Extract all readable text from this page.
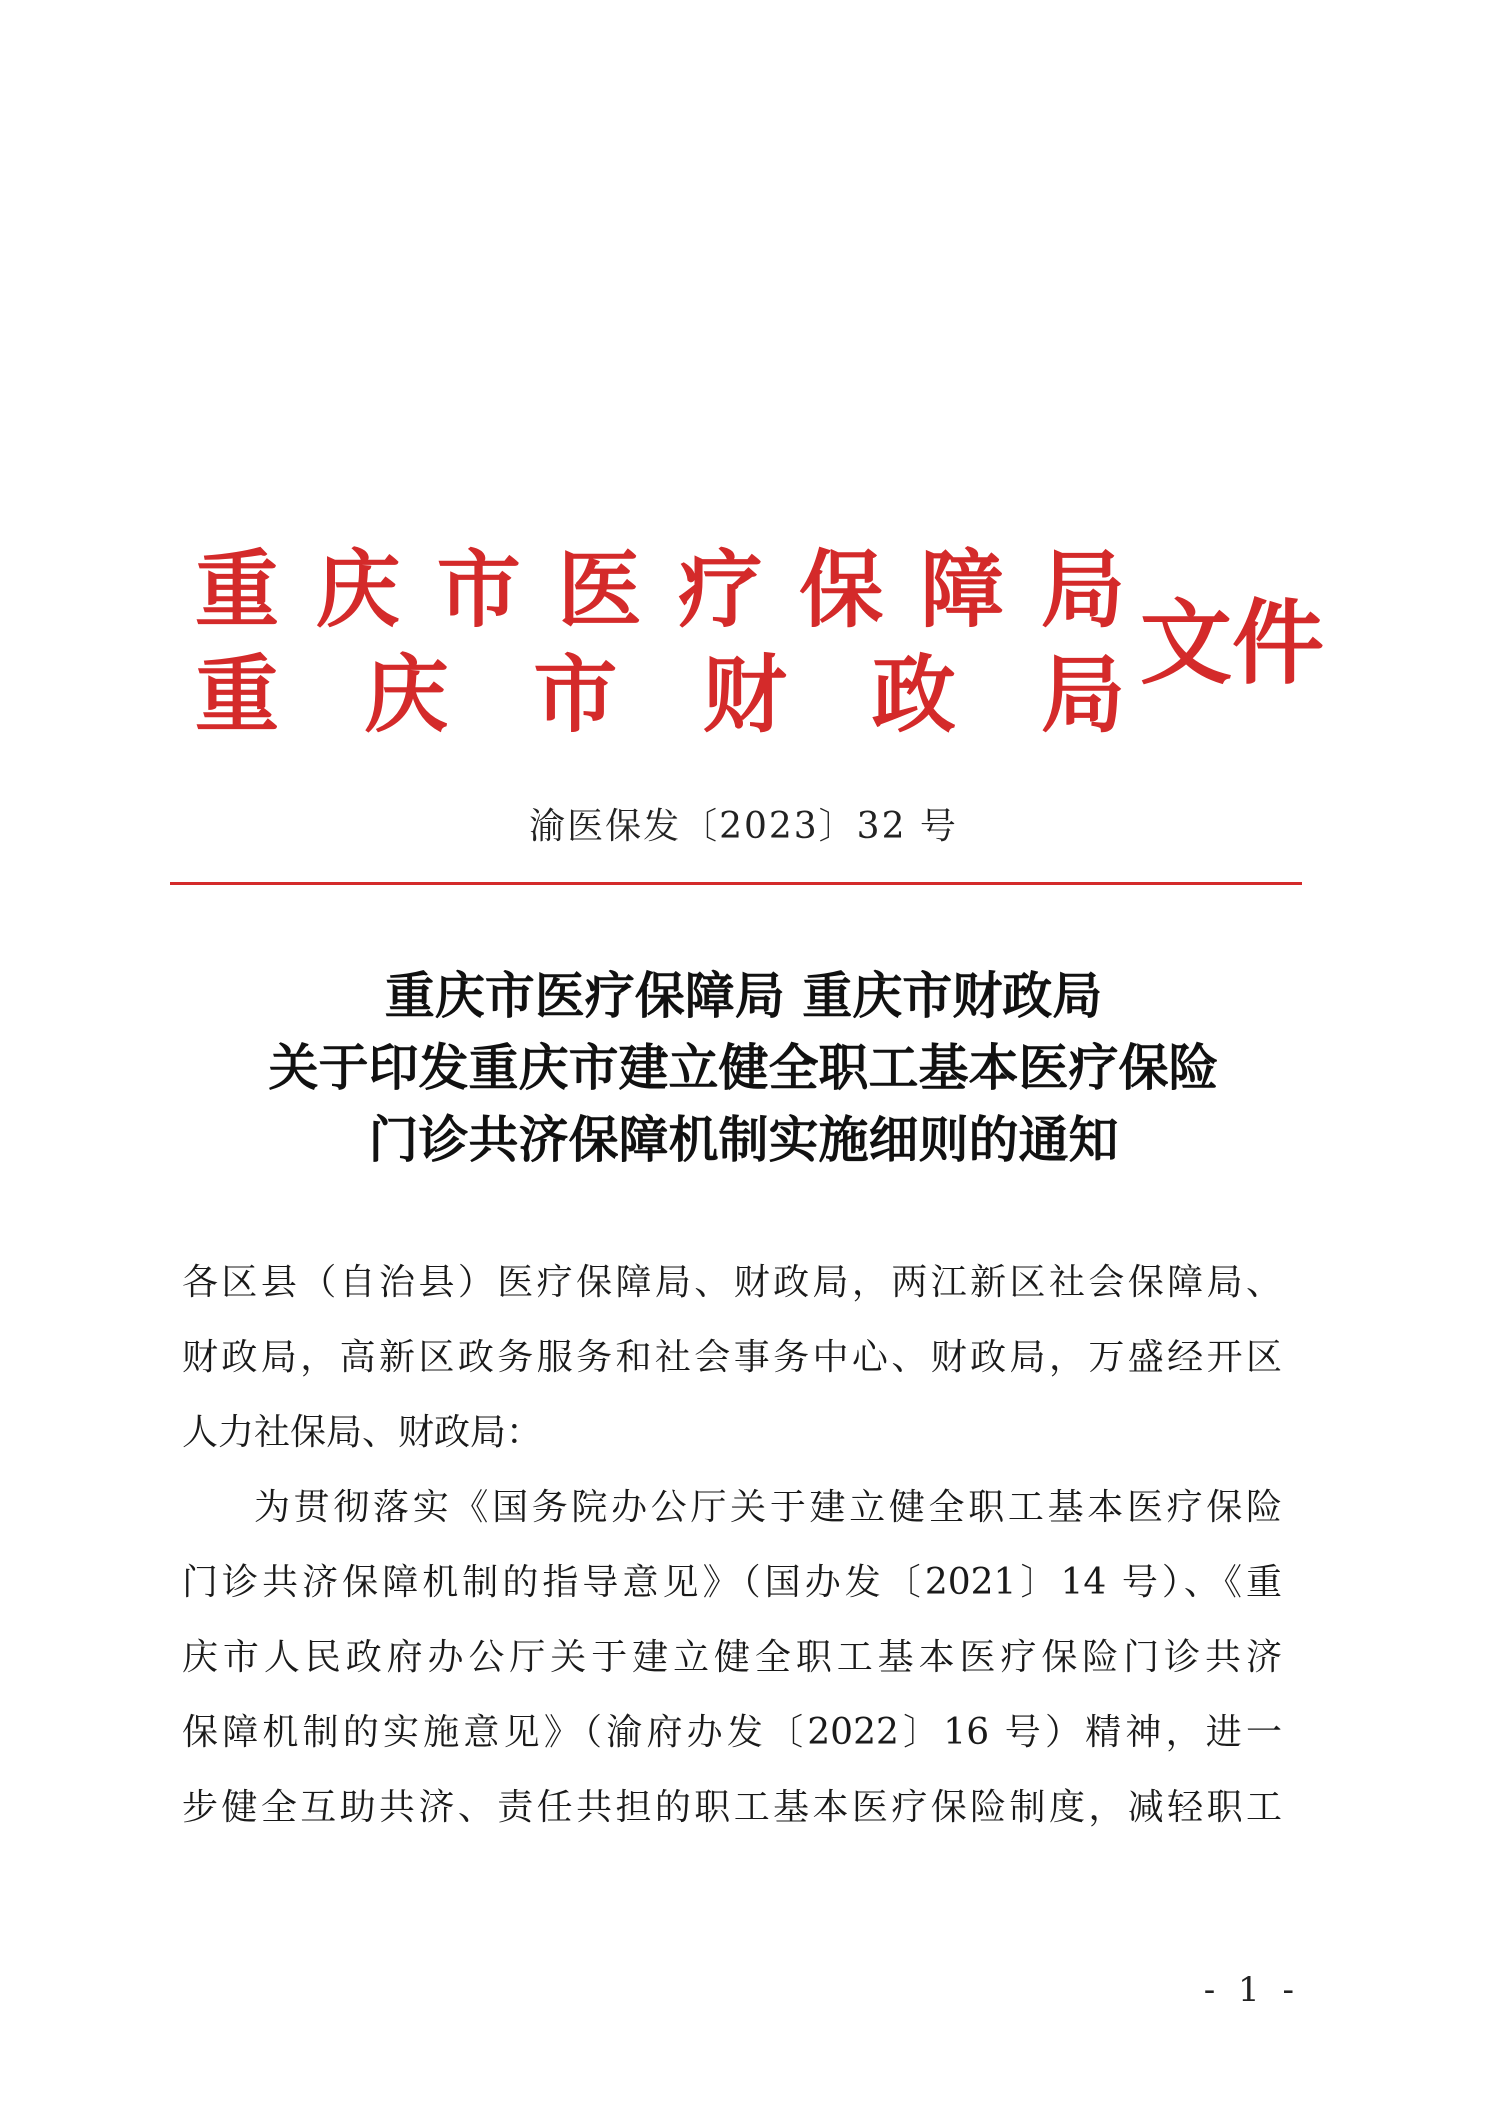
重 庆 市 医 疗 保 障 局
重 庆 市 财 政 局 文件
渝医保发〔2023〕32 号
重庆市医疗保障局 重庆市财政局
关于印发重庆市建立健全职工基本医疗保险
门诊共济保障机制实施细则的通知
各区县（自治县）医疗保障局、财政局，两江新区社会保障局、
财政局，高新区政务服务和社会事务中心、财政局，万盛经开区
人力社保局、财政局：
为贯彻落实《国务院办公厅关于建立健全职工基本医疗保险
门诊共济保障机制的指导意见》（国办发〔2021〕14 号）、《重
庆市人民政府办公厅关于建立健全职工基本医疗保险门诊共济
保障机制的实施意见》（渝府办发〔2022〕16 号）精神，进一
步健全互助共济、责任共担的职工基本医疗保险制度，减轻职工
- 1 -
